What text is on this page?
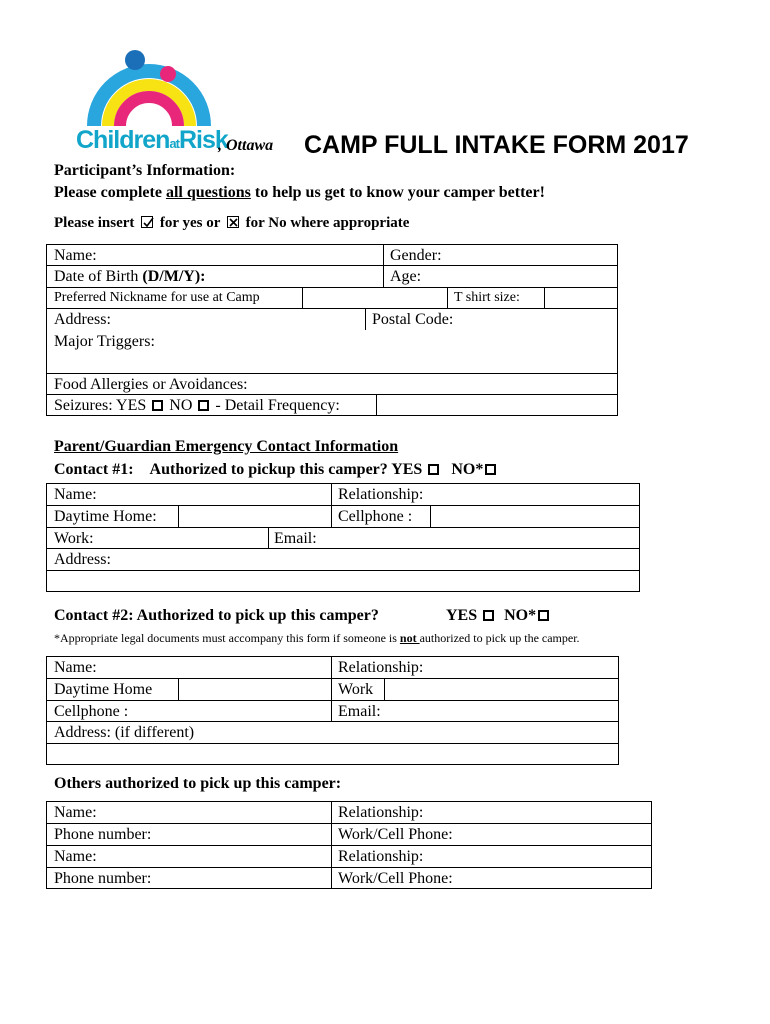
ChildrenatRisk
, Ottawa CAMP FULL INTAKE FORM 2017
Participant’s Information:
Please complete all questions to help us get to know your camper better!
Please insert for yes or for No where appropriate
Name:	Gender:
Date of Birth (D/M/Y):	Age:
Preferred Nickname for use at Camp	T shirt size:
Address:	Postal Code:
Major Triggers:
Food Allergies or Avoidances:
Seizures: YES NO - Detail Frequency:
Parent/Guardian Emergency Contact Information
Contact #1: Authorized to pickup this camper? YES NO*
Name:	Relationship:
Daytime Home:	Cellphone :
Work:	Email:
Address:
Contact #2: Authorized to pick up this camper?	YES NO*
*Appropriate legal documents must accompany this form if someone is not authorized to pick up the camper.
Name:	Relationship:
Daytime Home	Work
Cellphone :	Email:
Address: (if different)
Others authorized to pick up this camper:
Name:	Relationship:
Phone number:	Work/Cell Phone:
Name:	Relationship:
Phone number:	Work/Cell Phone:
